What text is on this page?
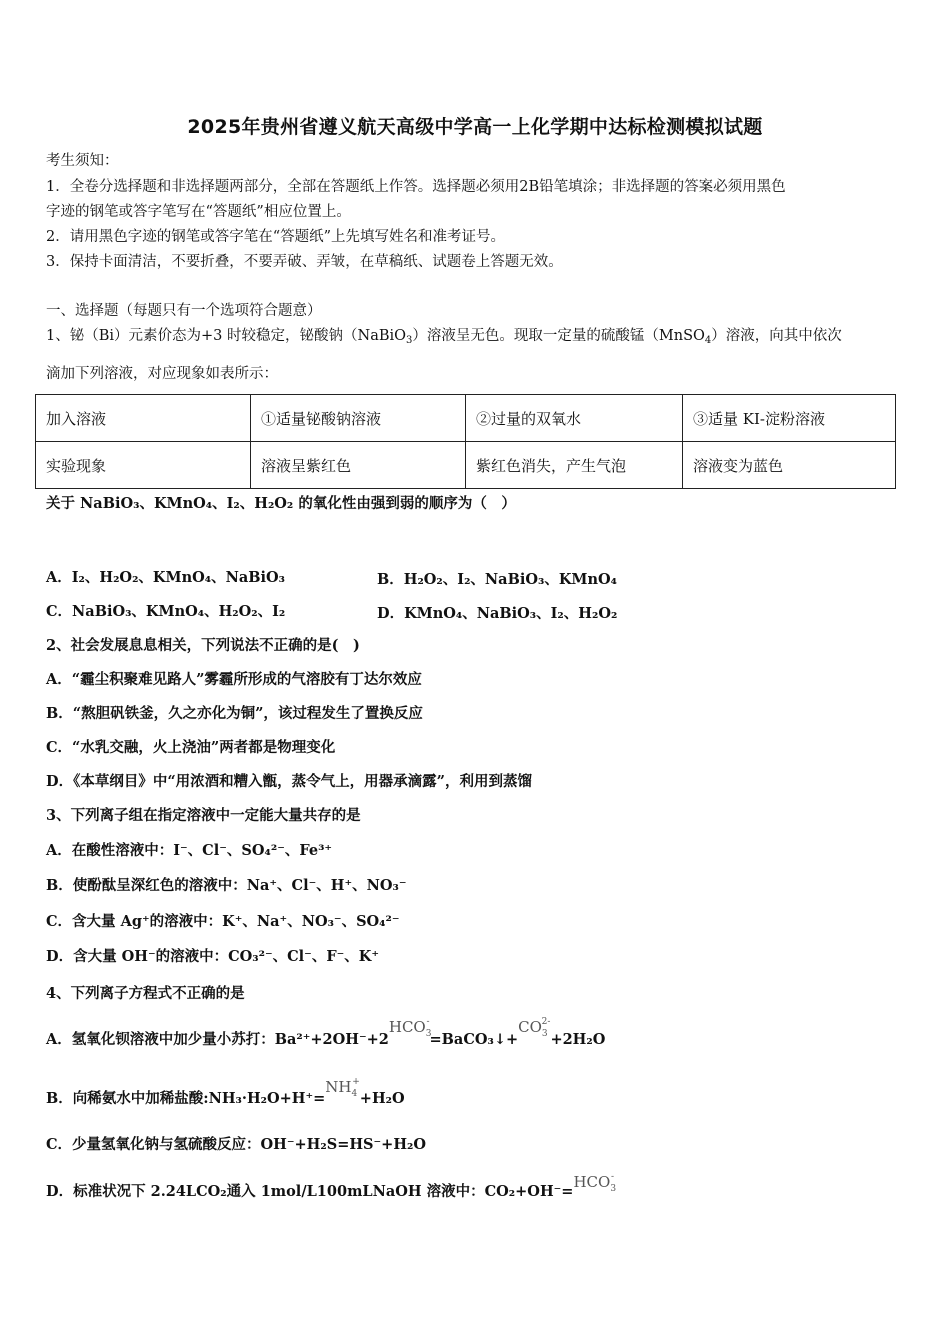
2025年贵州省遵义航天高级中学高一上化学期中达标检测模拟试题
考生须知：
1．全卷分选择题和非选择题两部分，全部在答题纸上作答。选择题必须用2B铅笔填涂；非选择题的答案必须用黑色
字迹的钢笔或答字笔写在“答题纸”相应位置上。
2．请用黑色字迹的钢笔或答字笔在“答题纸”上先填写姓名和准考证号。
3．保持卡面清洁，不要折叠，不要弄破、弄皱，在草稿纸、试题卷上答题无效。
一、选择题（每题只有一个选项符合题意）
1、铋（Bi）元素价态为+3 时较稳定，铋酸钠（NaBiO$_3$）溶液呈无色。现取一定量的硫酸锰（MnSO$_4$）溶液，向其中依次
滴加下列溶液，对应现象如表所示：
加入溶液	①适量铋酸钠溶液	②过量的双氧水	③适量 KI-淀粉溶液
实验现象	溶液呈紫红色	紫红色消失，产生气泡	溶液变为蓝色
关于 NaBiO₃、KMnO₄、I₂、H₂O₂ 的氧化性由强到弱的顺序为（　）
A．I₂、H₂O₂、KMnO₄、NaBiO₃	B．H₂O₂、I₂、NaBiO₃、KMnO₄
C．NaBiO₃、KMnO₄、H₂O₂、I₂	D．KMnO₄、NaBiO₃、I₂、H₂O₂
2、社会发展息息相关，下列说法不正确的是(　)
A．“霾尘积聚难见路人”雾霾所形成的气溶胶有丁达尔效应
B．“熬胆矾铁釜，久之亦化为铜”，该过程发生了置换反应
C．“水乳交融，火上浇油”两者都是物理变化
D．《本草纲目》中“用浓酒和糟入甑，蒸令气上，用器承滴露”，利用到蒸馏
3、下列离子组在指定溶液中一定能大量共存的是
A．在酸性溶液中：I⁻、Cl⁻、SO₄²⁻、Fe³⁺
B．使酚酞呈深红色的溶液中：Na⁺、Cl⁻、H⁺、NO₃⁻
C．含大量 Ag⁺的溶液中：K⁺、Na⁺、NO₃⁻、SO₄²⁻
D．含大量 OH⁻的溶液中：CO₃²⁻、Cl⁻、F⁻、K⁺
4、下列离子方程式不正确的是
A．氢氧化钡溶液中加少量小苏打：$Ba^{2+}+2OH^-+2HCO_3^-=BaCO_3↓+CO_3^{2-}+2H_2O$
B．向稀氨水中加稀盐酸$:NH_3\cdot H_2O+H^+=NH_4^++H_2O$
C．少量氢氧化钠与氢硫酸反应：OH⁻+H₂S=HS⁻+H₂O
D．标准状况下 2.24LCO₂通入 1mol/L100mLNaOH 溶液中：$CO_2+OH^-=HCO_3^-$
